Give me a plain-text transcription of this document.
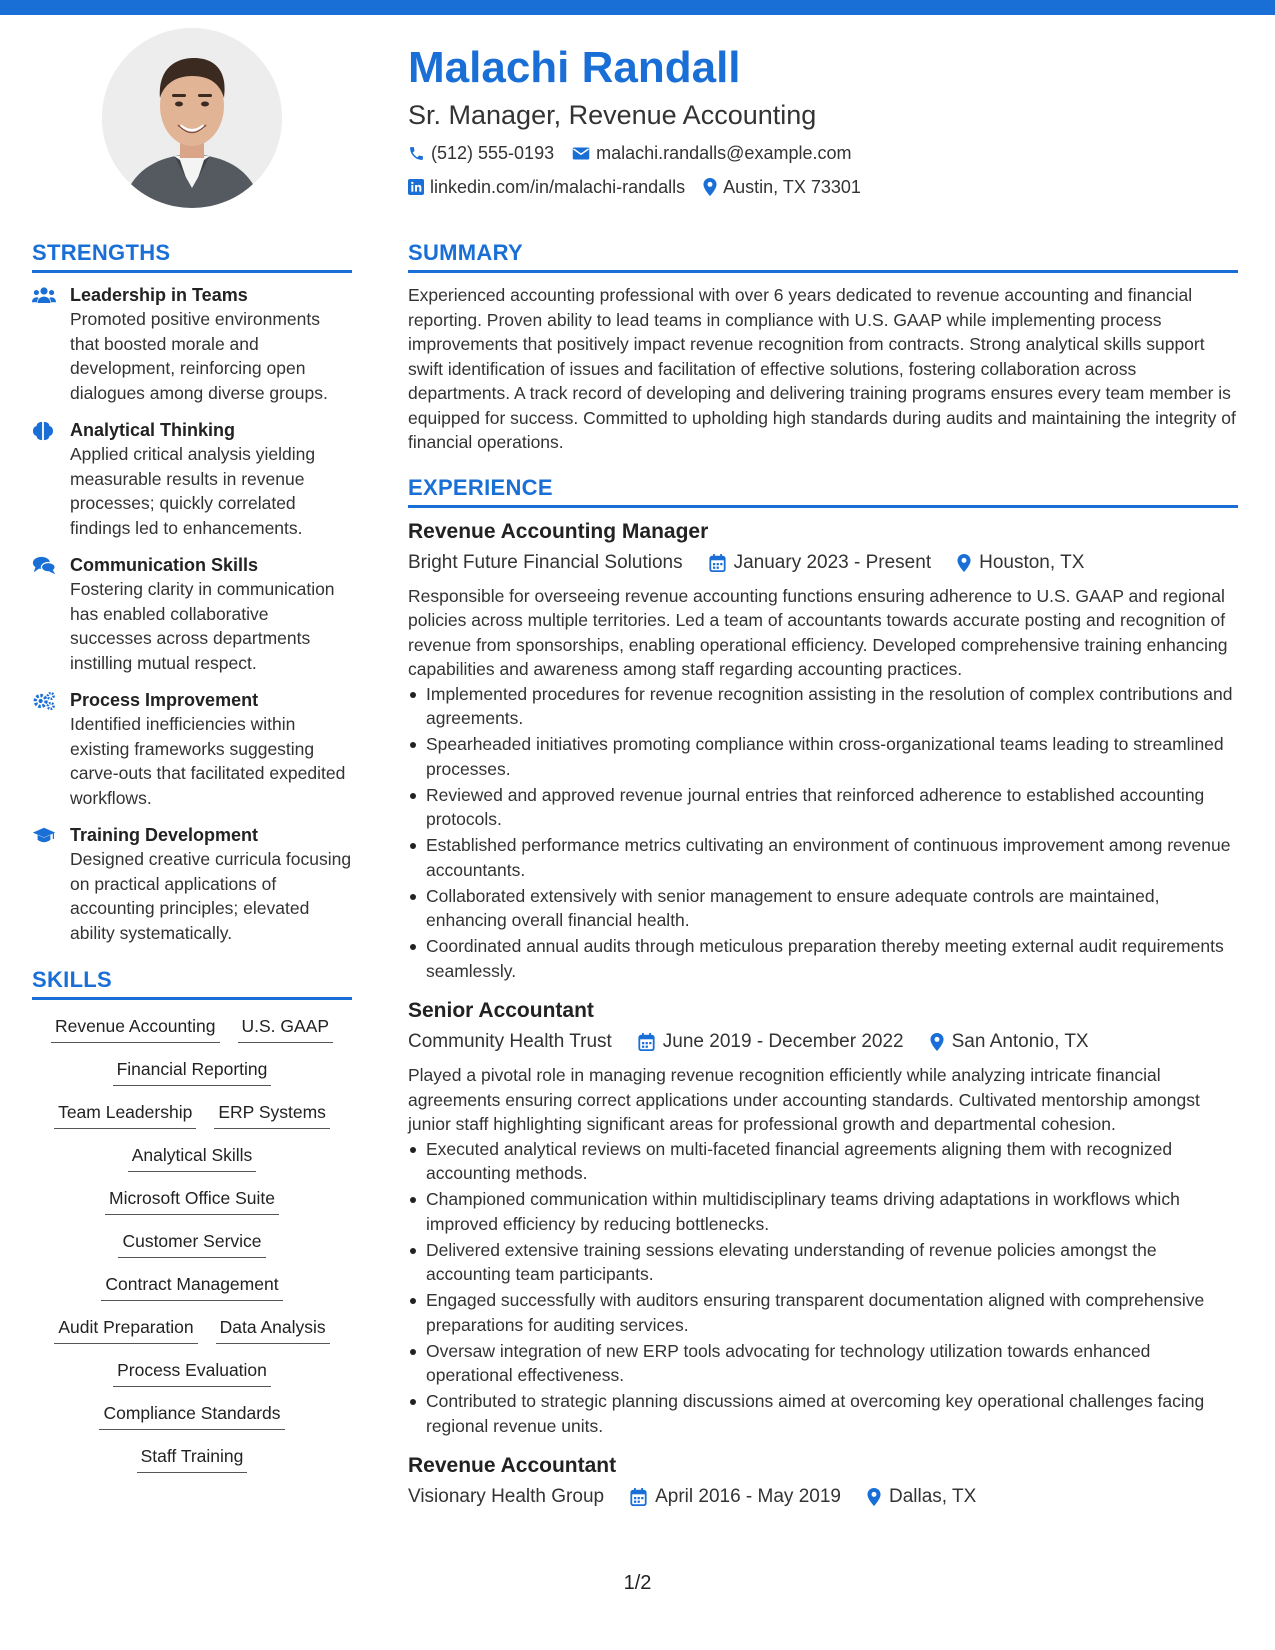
Malachi Randall
Sr. Manager, Revenue Accounting
(512) 555-0193 malachi.randalls@example.com
linkedin.com/in/malachi-randalls Austin, TX 73301
STRENGTHS
Leadership in Teams
Promoted positive environments that boosted morale and development, reinforcing open dialogues among diverse groups.
Analytical Thinking
Applied critical analysis yielding measurable results in revenue processes; quickly correlated findings led to enhancements.
Communication Skills
Fostering clarity in communication has enabled collaborative successes across departments instilling mutual respect.
Process Improvement
Identified inefficiencies within existing frameworks suggesting carve-outs that facilitated expedited workflows.
Training Development
Designed creative curricula focusing on practical applications of accounting principles; elevated ability systematically.
SKILLS
Revenue Accounting U.S. GAAP
Financial Reporting
Team Leadership ERP Systems
Analytical Skills
Microsoft Office Suite
Customer Service
Contract Management
Audit Preparation Data Analysis
Process Evaluation
Compliance Standards
Staff Training
SUMMARY
Experienced accounting professional with over 6 years dedicated to revenue accounting and financial reporting. Proven ability to lead teams in compliance with U.S. GAAP while implementing process improvements that positively impact revenue recognition from contracts. Strong analytical skills support swift identification of issues and facilitation of effective solutions, fostering collaboration across departments. A track record of developing and delivering training programs ensures every team member is equipped for success. Committed to upholding high standards during audits and maintaining the integrity of financial operations.
EXPERIENCE
Revenue Accounting Manager
Bright Future Financial Solutions	January 2023 - Present	Houston, TX
Responsible for overseeing revenue accounting functions ensuring adherence to U.S. GAAP and regional policies across multiple territories. Led a team of accountants towards accurate posting and recognition of revenue from sponsorships, enabling operational efficiency. Developed comprehensive training enhancing capabilities and awareness among staff regarding accounting practices.
Implemented procedures for revenue recognition assisting in the resolution of complex contributions and agreements.
Spearheaded initiatives promoting compliance within cross-organizational teams leading to streamlined processes.
Reviewed and approved revenue journal entries that reinforced adherence to established accounting protocols.
Established performance metrics cultivating an environment of continuous improvement among revenue accountants.
Collaborated extensively with senior management to ensure adequate controls are maintained, enhancing overall financial health.
Coordinated annual audits through meticulous preparation thereby meeting external audit requirements seamlessly.
Senior Accountant
Community Health Trust	June 2019 - December 2022	San Antonio, TX
Played a pivotal role in managing revenue recognition efficiently while analyzing intricate financial agreements ensuring correct applications under accounting standards. Cultivated mentorship amongst junior staff highlighting significant areas for professional growth and departmental cohesion.
Executed analytical reviews on multi-faceted financial agreements aligning them with recognized accounting methods.
Championed communication within multidisciplinary teams driving adaptations in workflows which improved efficiency by reducing bottlenecks.
Delivered extensive training sessions elevating understanding of revenue policies amongst the accounting team participants.
Engaged successfully with auditors ensuring transparent documentation aligned with comprehensive preparations for auditing services.
Oversaw integration of new ERP tools advocating for technology utilization towards enhanced operational effectiveness.
Contributed to strategic planning discussions aimed at overcoming key operational challenges facing regional revenue units.
Revenue Accountant
Visionary Health Group	April 2016 - May 2019	Dallas, TX
1/2
